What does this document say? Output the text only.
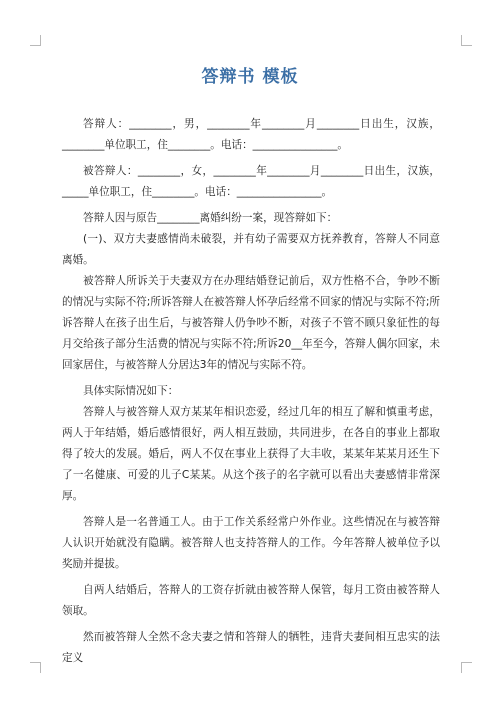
答辩书 模板

答辩人：________，男，________年________月________日出生，汉族，________单位职工，住________。电话：________________。

被答辩人：________，女，________年________月________日出生，汉族，_____单位职工，住________。电话：________________。

答辩人因与原告________离婚纠纷一案，现答辩如下：

(一)、双方夫妻感情尚未破裂，并有幼子需要双方抚养教育，答辩人不同意离婚。

被答辩人所诉关于夫妻双方在办理结婚登记前后，双方性格不合，争吵不断的情况与实际不符;所诉答辩人在被答辩人怀孕后经常不回家的情况与实际不符;所诉答辩人在孩子出生后，与被答辩人仍争吵不断，对孩子不管不顾只象征性的每月交给孩子部分生活费的情况与实际不符;所诉20__年至今，答辩人偶尔回家，未回家居住，与被答辩人分居达3年的情况与实际不符。

具体实际情况如下：

答辩人与被答辩人双方某某年相识恋爱，经过几年的相互了解和慎重考虑，两人于年结婚，婚后感情很好，两人相互鼓励，共同进步，在各自的事业上都取得了较大的发展。婚后，两人不仅在事业上获得了大丰收，某某年某某月还生下了一名健康、可爱的儿子C某某。从这个孩子的名字就可以看出夫妻感情非常深厚。

答辩人是一名普通工人。由于工作关系经常户外作业。这些情况在与被答辩人认识开始就没有隐瞒。被答辩人也支持答辩人的工作。今年答辩人被单位予以奖励并提拔。

自两人结婚后，答辩人的工资存折就由被答辩人保管，每月工资由被答辩人领取。

然而被答辩人全然不念夫妻之情和答辩人的牺牲，违背夫妻间相互忠实的法定义
